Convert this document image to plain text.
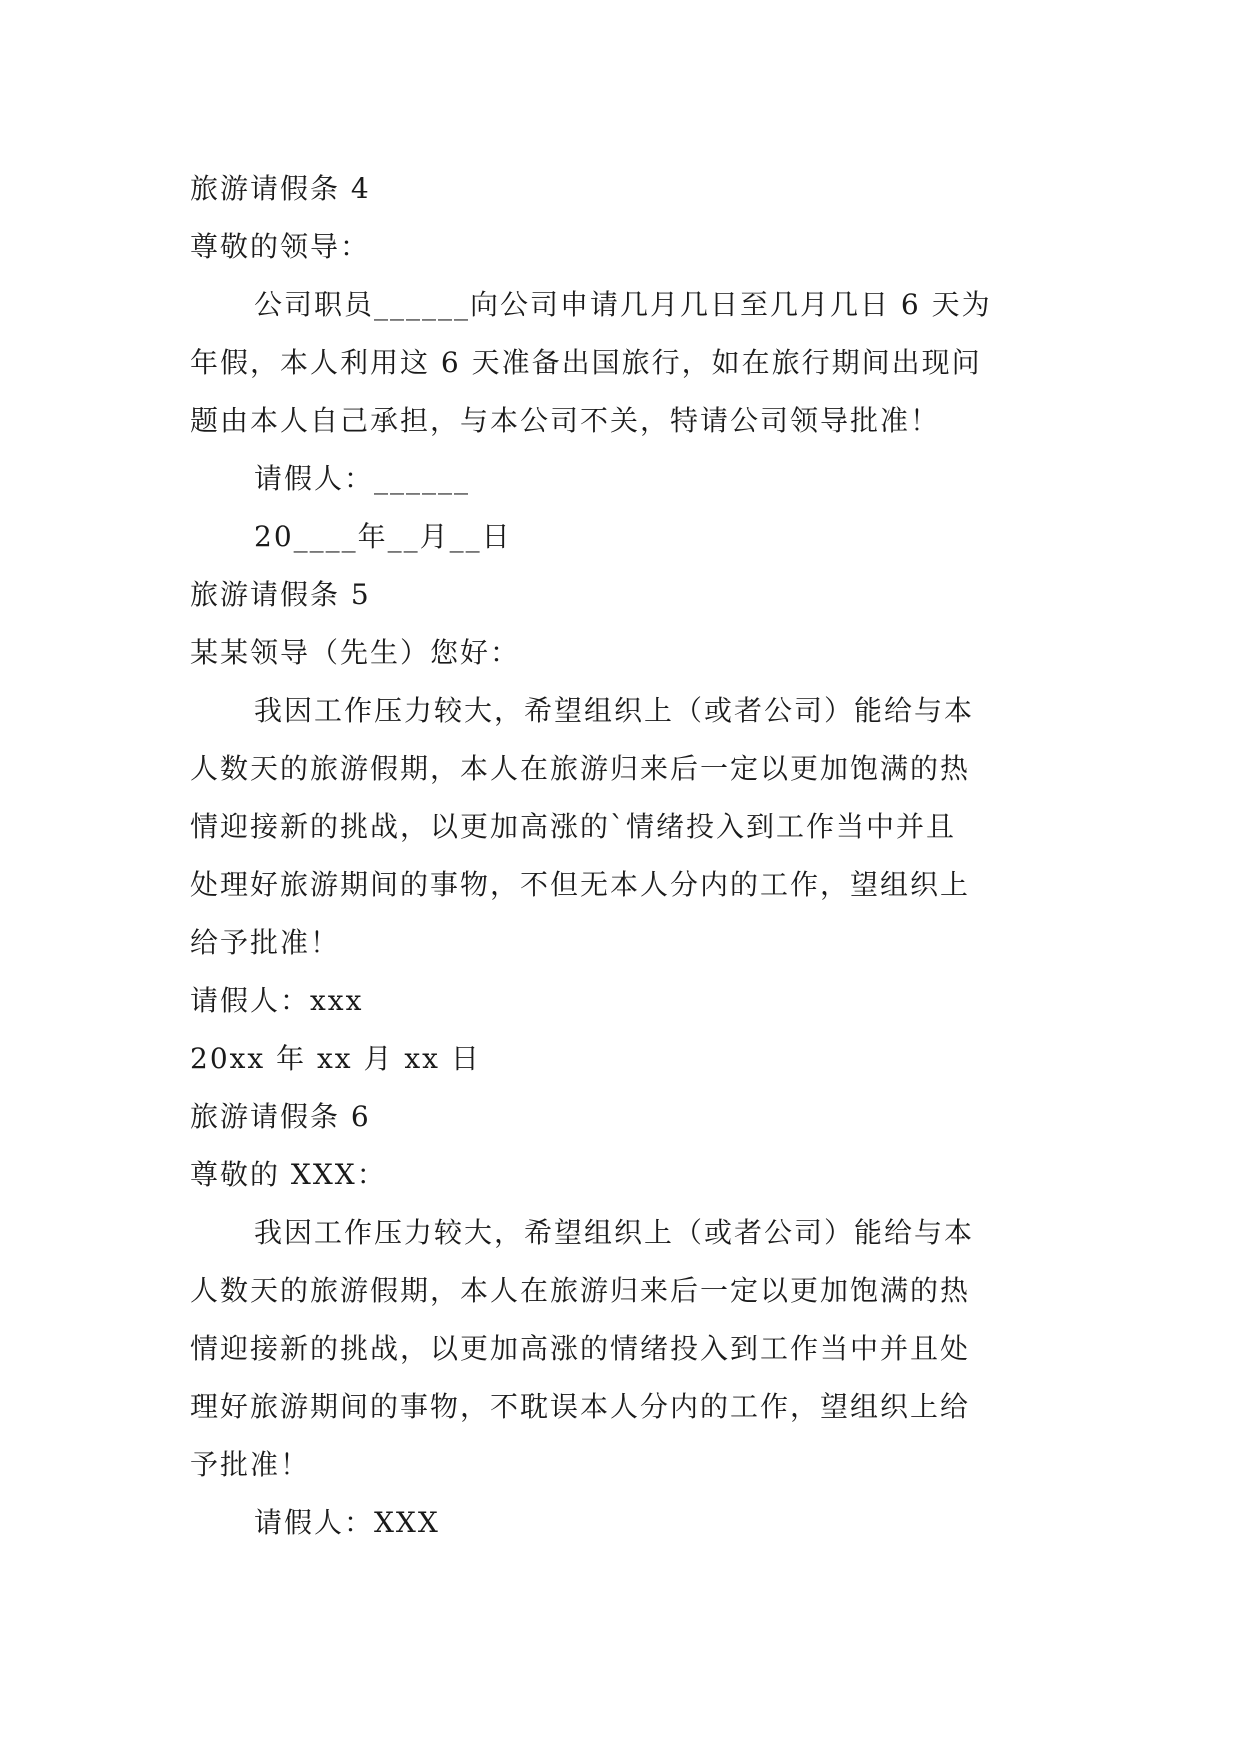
旅游请假条 4

尊敬的领导：

公司职员______向公司申请几月几日至几月几日 6 天为

年假，本人利用这 6 天准备出国旅行，如在旅行期间出现问

题由本人自己承担，与本公司不关，特请公司领导批准！

请假人：______

20____年__月__日

旅游请假条 5

某某领导（先生）您好：

我因工作压力较大，希望组织上（或者公司）能给与本

人数天的旅游假期，本人在旅游归来后一定以更加饱满的热

情迎接新的挑战，以更加高涨的`情绪投入到工作当中并且

处理好旅游期间的事物，不但无本人分内的工作，望组织上

给予批准！

请假人：xxx

20xx 年 xx 月 xx 日

旅游请假条 6

尊敬的 XXX：

我因工作压力较大，希望组织上（或者公司）能给与本

人数天的旅游假期，本人在旅游归来后一定以更加饱满的热

情迎接新的挑战，以更加高涨的情绪投入到工作当中并且处

理好旅游期间的事物，不耽误本人分内的工作，望组织上给

予批准！

请假人：XXX
